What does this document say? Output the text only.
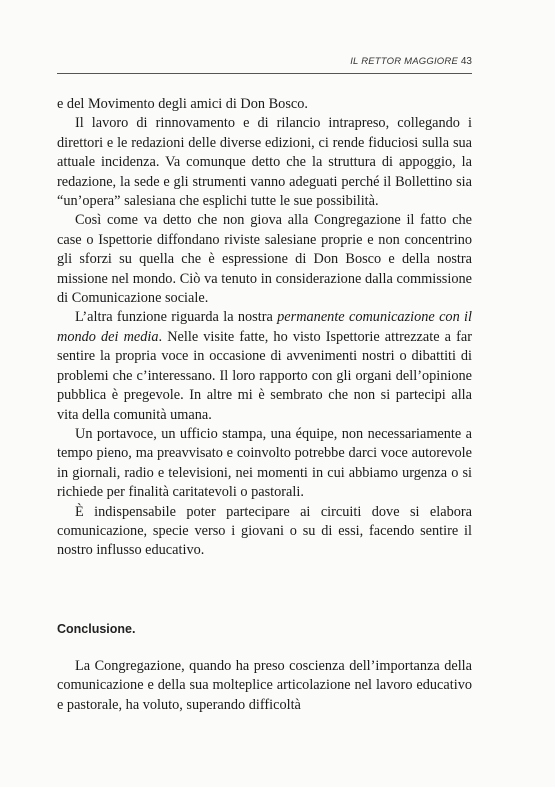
IL RETTOR MAGGIORE 43

e del Movimento degli amici di Don Bosco.

Il lavoro di rinnovamento e di rilancio intrapreso, collegando i direttori e le redazioni delle diverse edizioni, ci rende fiduciosi sulla sua attuale incidenza. Va comunque detto che la struttura di appoggio, la redazione, la sede e gli strumenti vanno adeguati perché il Bollettino sia “un’opera” salesiana che esplichi tutte le sue possibilità.

Così come va detto che non giova alla Congregazione il fatto che case o Ispettorie diffondano riviste salesiane proprie e non concentrino gli sforzi su quella che è espressione di Don Bosco e della nostra missione nel mondo. Ciò va tenuto in considerazione dalla commissione di Comunicazione sociale.

L’altra funzione riguarda la nostra permanente comunicazione con il mondo dei media. Nelle visite fatte, ho visto Ispettorie attrezzate a far sentire la propria voce in occasione di avvenimenti nostri o dibattiti di problemi che c’interessano. Il loro rapporto con gli organi dell’opinione pubblica è pregevole. In altre mi è sembrato che non si partecipi alla vita della comunità umana.

Un portavoce, un ufficio stampa, una équipe, non necessariamente a tempo pieno, ma preavvisato e coinvolto potrebbe darci voce autorevole in giornali, radio e televisioni, nei momenti in cui abbiamo urgenza o si richiede per finalità caritatevoli o pastorali.

È indispensabile poter partecipare ai circuiti dove si elabora comunicazione, specie verso i giovani o su di essi, facendo sentire il nostro influsso educativo.

Conclusione.

La Congregazione, quando ha preso coscienza dell’importanza della comunicazione e della sua molteplice articolazione nel lavoro educativo e pastorale, ha voluto, superando difficoltà
